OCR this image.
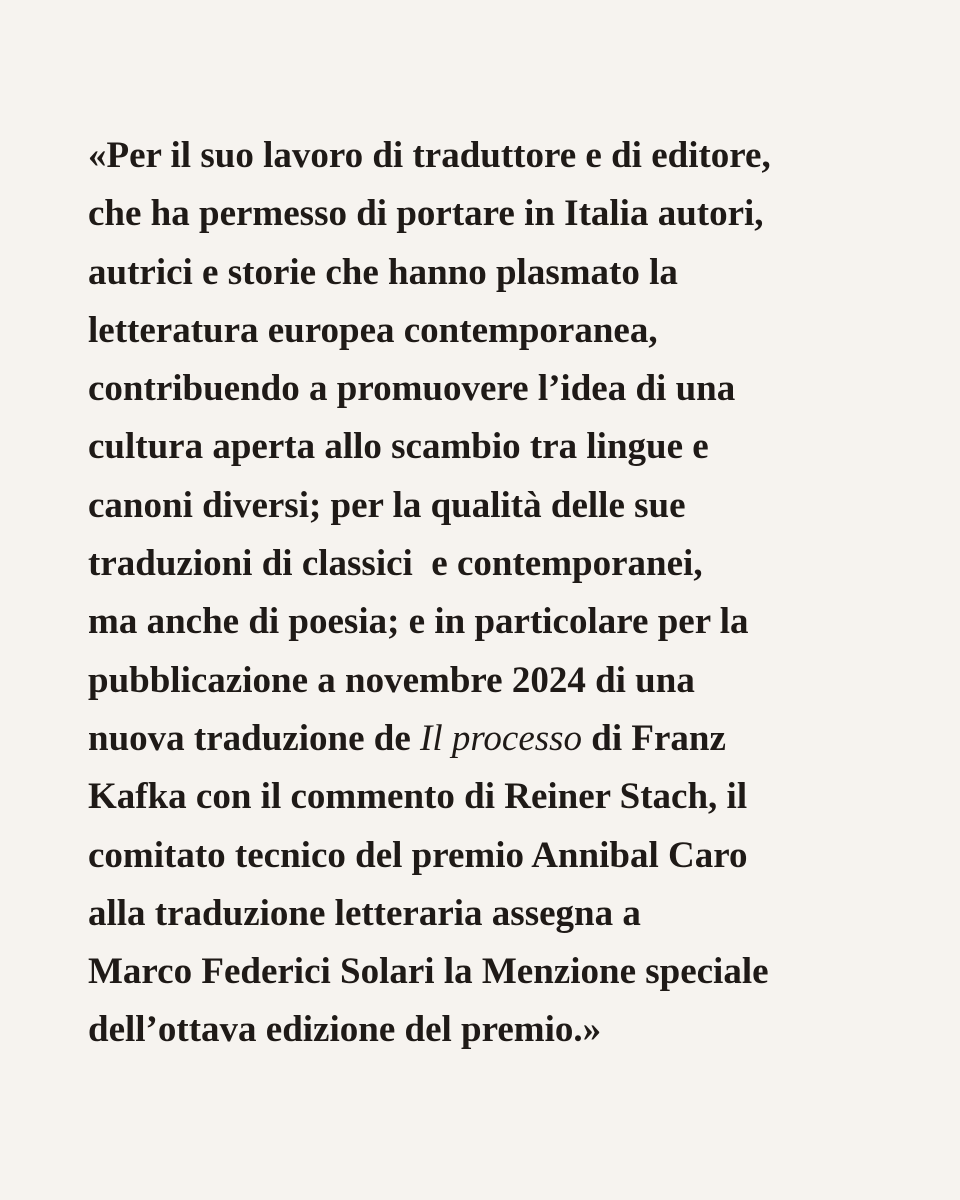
«Per il suo lavoro di traduttore e di editore,
che ha permesso di portare in Italia autori,
autrici e storie che hanno plasmato la
letteratura europea contemporanea,
contribuendo a promuovere l’idea di una
cultura aperta allo scambio tra lingue e
canoni diversi; per la qualità delle sue
traduzioni di classici  e contemporanei,
ma anche di poesia; e in particolare per la
pubblicazione a novembre 2024 di una
nuova traduzione de Il processo di Franz
Kafka con il commento di Reiner Stach, il
comitato tecnico del premio Annibal Caro
alla traduzione letteraria assegna a
Marco Federici Solari la Menzione speciale
dell’ottava edizione del premio.»
